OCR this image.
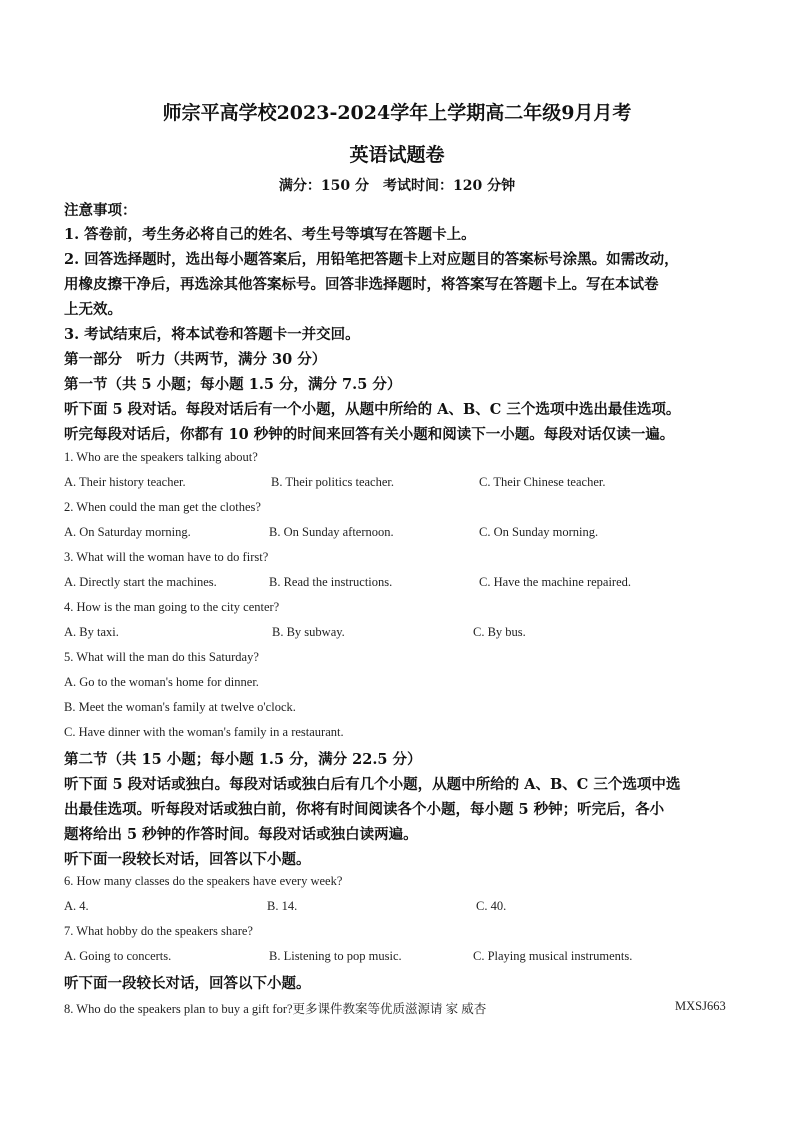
师宗平高学校2023-2024学年上学期高二年级9月月考
英语试题卷
满分：150 分　考试时间：120 分钟
注意事项：
1. 答卷前，考生务必将自己的姓名、考生号等填写在答题卡上。
2. 回答选择题时，选出每小题答案后，用铅笔把答题卡上对应题目的答案标号涂黑。如需改动，
用橡皮擦干净后，再选涂其他答案标号。回答非选择题时，将答案写在答题卡上。写在本试卷
上无效。
3. 考试结束后，将本试卷和答题卡一并交回。
第一部分　听力（共两节，满分 30 分）
第一节（共 5 小题；每小题 1.5 分，满分 7.5 分）
听下面 5 段对话。每段对话后有一个小题，从题中所给的 A、B、C 三个选项中选出最佳选项。
听完每段对话后，你都有 10 秒钟的时间来回答有关小题和阅读下一小题。每段对话仅读一遍。
1. Who are the speakers talking about?
A. Their history teacher.	B. Their politics teacher.	C. Their Chinese teacher.
2. When could the man get the clothes?
A. On Saturday morning.	B. On Sunday afternoon.	C. On Sunday morning.
3. What will the woman have to do first?
A. Directly start the machines.	B. Read the instructions.	C. Have the machine repaired.
4. How is the man going to the city center?
A. By taxi.	B. By subway.	C. By bus.
5. What will the man do this Saturday?
A. Go to the woman's home for dinner.
B. Meet the woman's family at twelve o'clock.
C. Have dinner with the woman's family in a restaurant.
第二节（共 15 小题；每小题 1.5 分，满分 22.5 分）
听下面 5 段对话或独白。每段对话或独白后有几个小题，从题中所给的 A、B、C 三个选项中选
出最佳选项。听每段对话或独白前，你将有时间阅读各个小题，每小题 5 秒钟；听完后，各小
题将给出 5 秒钟的作答时间。每段对话或独白读两遍。
听下面一段较长对话，回答以下小题。
6. How many classes do the speakers have every week?
A. 4.	B. 14.	C. 40.
7. What hobby do the speakers share?
A. Going to concerts.	B. Listening to pop music.	C. Playing musical instruments.
听下面一段较长对话，回答以下小题。
8. Who do the speakers plan to buy a gift for?更多课件教案等优质滋源请 家 威杏	MXSJ663
